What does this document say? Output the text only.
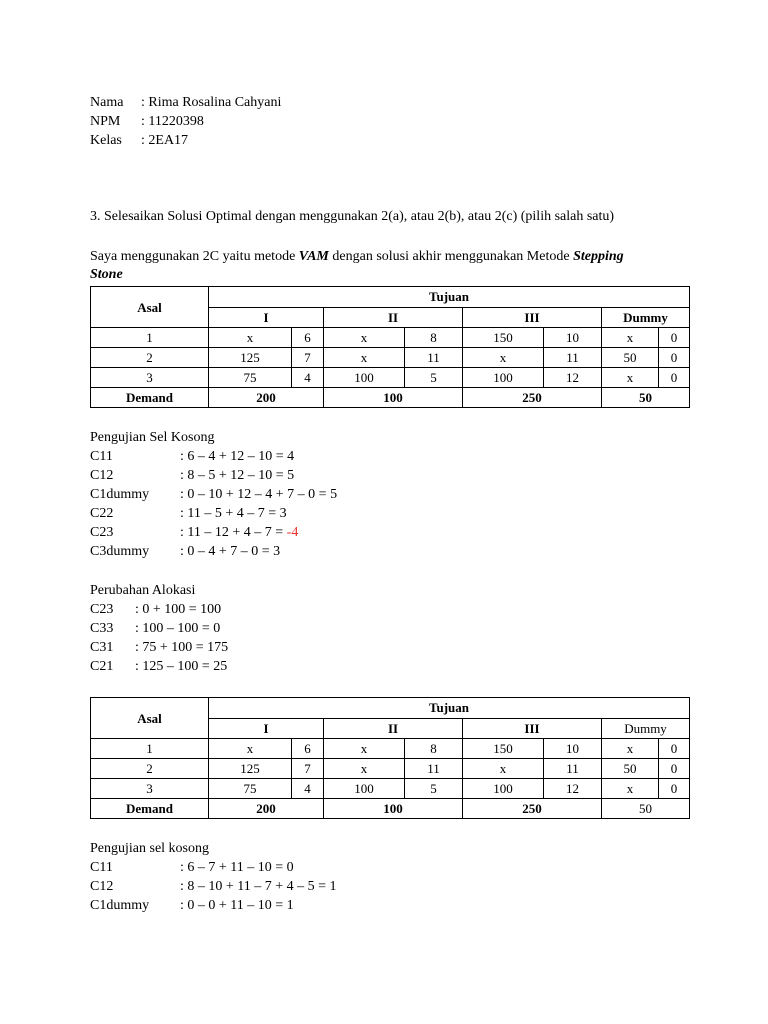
Nama : Rima Rosalina Cahyani
NPM : 11220398
Kelas : 2EA17
3. Selesaikan Solusi Optimal dengan menggunakan 2(a), atau 2(b), atau 2(c) (pilih salah satu)
Saya menggunakan 2C yaitu metode VAM dengan solusi akhir menggunakan Metode Stepping
Stone
Asal	Tujuan							
	I		II		III		Dummy	
1	x	6	x	8	150	10	x	0
2	125	7	x	11	x	11	50	0
3	75	4	100	5	100	12	x	0
Demand	200		100		250		50	
Pengujian Sel Kosong
C11	: 6 – 4 + 12 – 10 = 4
C12	: 8 – 5 + 12 – 10 = 5
C1dummy : 0 – 10 + 12 – 4 + 7 – 0 = 5
C22	: 11 – 5 + 4 – 7 = 3
C23	: 11 – 12 + 4 – 7 = -4
C3dummy : 0 – 4 + 7 – 0 = 3
Perubahan Alokasi
C23 : 0 + 100 = 100
C33 : 100 – 100 = 0
C31 : 75 + 100 = 175
C21 : 125 – 100 = 25
Asal	Tujuan							
	I		II		III		Dummy	
1	x	6	x	8	150	10	x	0
2	125	7	x	11	x	11	50	0
3	75	4	100	5	100	12	x	0
Demand	200		100		250		50	
Pengujian sel kosong
C11	: 6 – 7 + 11 – 10 = 0
C12	: 8 – 10 + 11 – 7 + 4 – 5 = 1
C1dummy : 0 – 0 + 11 – 10 = 1
